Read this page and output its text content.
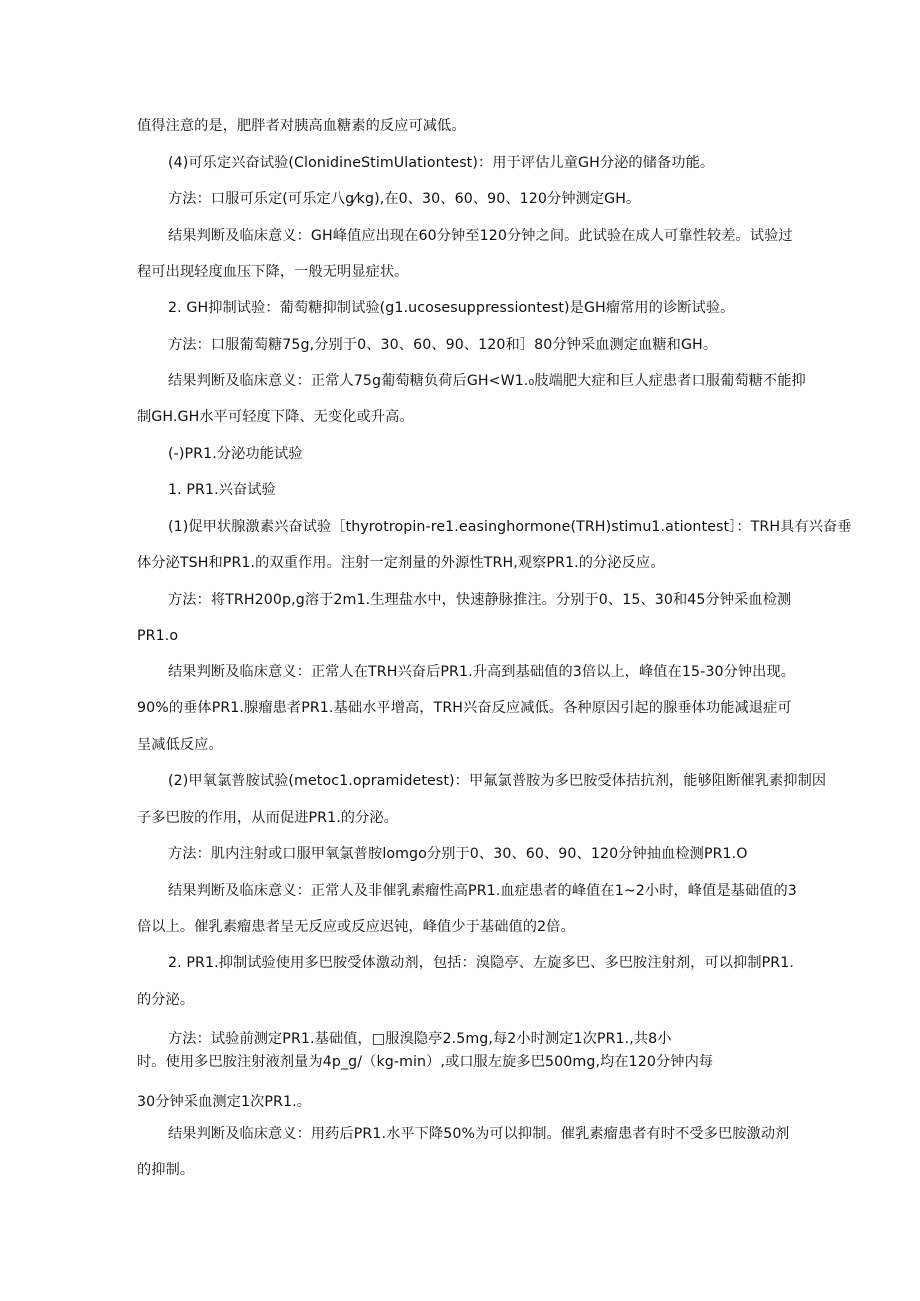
值得注意的是，肥胖者对胰高血糖素的反应可减低。

(4)可乐定兴奋试验(ClonidineStimUlationtest)：用于评估儿童GH分泌的储备功能。

方法：口服可乐定(可乐定八g⁄kg),在0、30、60、90、120分钟测定GH。

结果判断及临床意义：GH峰值应出现在60分钟至120分钟之间。此试验在成人可靠性较差。试验过

程可出现轻度血压下降，一般无明显症状。

2. GH抑制试验：葡萄糖抑制试验(g1.ucosesuppressiontest)是GH瘤常用的诊断试验。

方法：口服葡萄糖75g,分别于0、30、60、90、120和］80分钟采血测定血糖和GH。

结果判断及临床意义：正常人75g葡萄糖负荷后GH<W1.₀肢端肥大症和巨人症患者口服葡萄糖不能抑

制GH.GH水平可轻度下降、无变化或升高。

(-)PR1.分泌功能试验

1. PR1.兴奋试验

(1)促甲状腺激素兴奋试验［thyrotropin-re1.easinghormone(TRH)stimu1.ationtest］：TRH具有兴奋垂

体分泌TSH和PR1.的双重作用。注射一定剂量的外源性TRH,观察PR1.的分泌反应。

方法：将TRH200p,g溶于2m1.生理盐水中，快速静脉推注。分别于0、15、30和45分钟采血检测

PR1.o

结果判断及临床意义：正常人在TRH兴奋后PR1.升高到基础值的3倍以上，峰值在15-30分钟出现。

90%的垂体PR1.腺瘤患者PR1.基础水平增高，TRH兴奋反应减低。各种原因引起的腺垂体功能减退症可

呈减低反应。

(2)甲氧氯普胺试验(metoc1.opramidetest)：甲氟氯普胺为多巴胺受体拮抗剂，能够阻断催乳素抑制因

子多巴胺的作用，从而促进PR1.的分泌。

方法：肌内注射或口服甲氧氯普胺lomgo分别于0、30、60、90、120分钟抽血检测PR1.O

结果判断及临床意义：正常人及非催乳素瘤性高PR1.血症患者的峰值在1~2小时，峰值是基础值的3

倍以上。催乳素瘤患者呈无反应或反应迟钝，峰值少于基础值的2倍。

2. PR1.抑制试验使用多巴胺受体激动剂，包括：溴隐亭、左旋多巴、多巴胺注射剂，可以抑制PR1.

的分泌。

方法：试验前测定PR1.基础值，□服溴隐亭2.5mg,每2小时测定1次PR1.,共8小

时。使用多巴胺注射液剂量为4p_g/（kg-min）,或口服左旋多巴500mg,均在120分钟内每

30分钟采血测定1次PR1.。

结果判断及临床意义：用药后PR1.水平下降50%为可以抑制。催乳素瘤患者有时不受多巴胺激动剂

的抑制。
